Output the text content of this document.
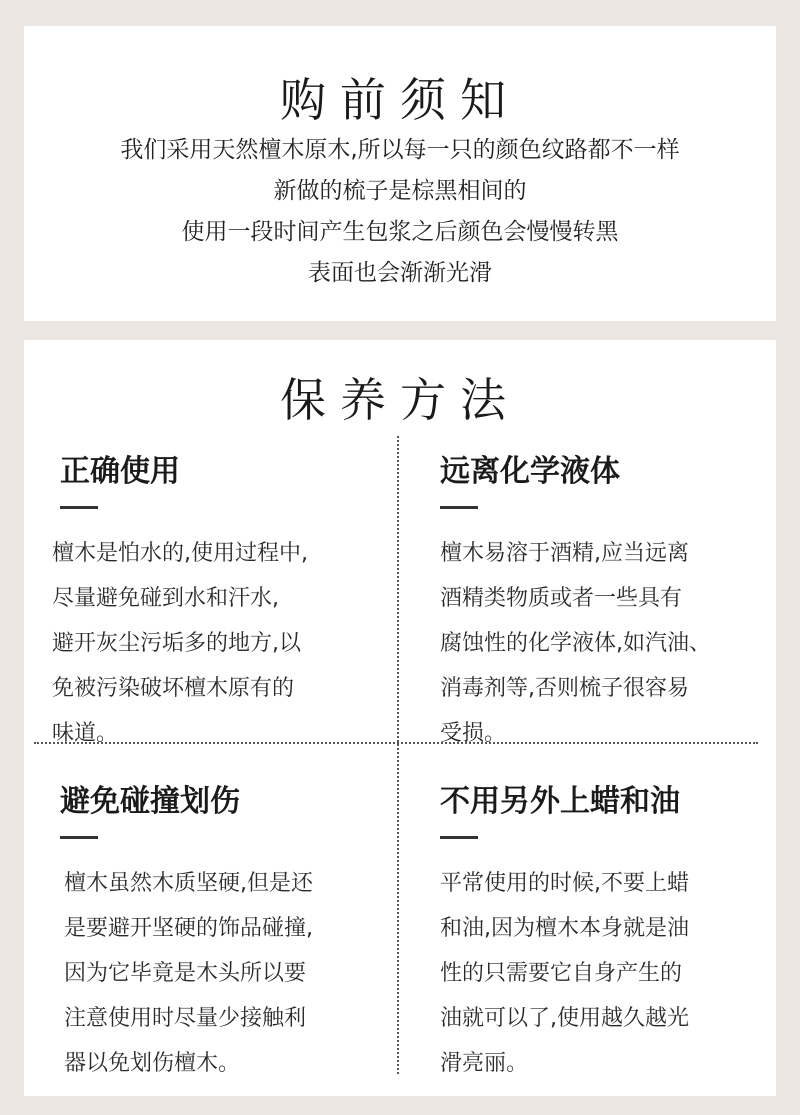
购前须知
我们采用天然檀木原木,所以每一只的颜色纹路都不一样
新做的梳子是棕黑相间的
使用一段时间产生包浆之后颜色会慢慢转黑
表面也会渐渐光滑
保养方法
正确使用
檀木是怕水的,使用过程中,
尽量避免碰到水和汗水,
避开灰尘污垢多的地方,以
免被污染破坏檀木原有的
味道。
远离化学液体
檀木易溶于酒精,应当远离
酒精类物质或者一些具有
腐蚀性的化学液体,如汽油、
消毒剂等,否则梳子很容易
受损。
避免碰撞划伤
檀木虽然木质坚硬,但是还
是要避开坚硬的饰品碰撞,
因为它毕竟是木头所以要
注意使用时尽量少接触利
器以免划伤檀木。
不用另外上蜡和油
平常使用的时候,不要上蜡
和油,因为檀木本身就是油
性的只需要它自身产生的
油就可以了,使用越久越光
滑亮丽。
